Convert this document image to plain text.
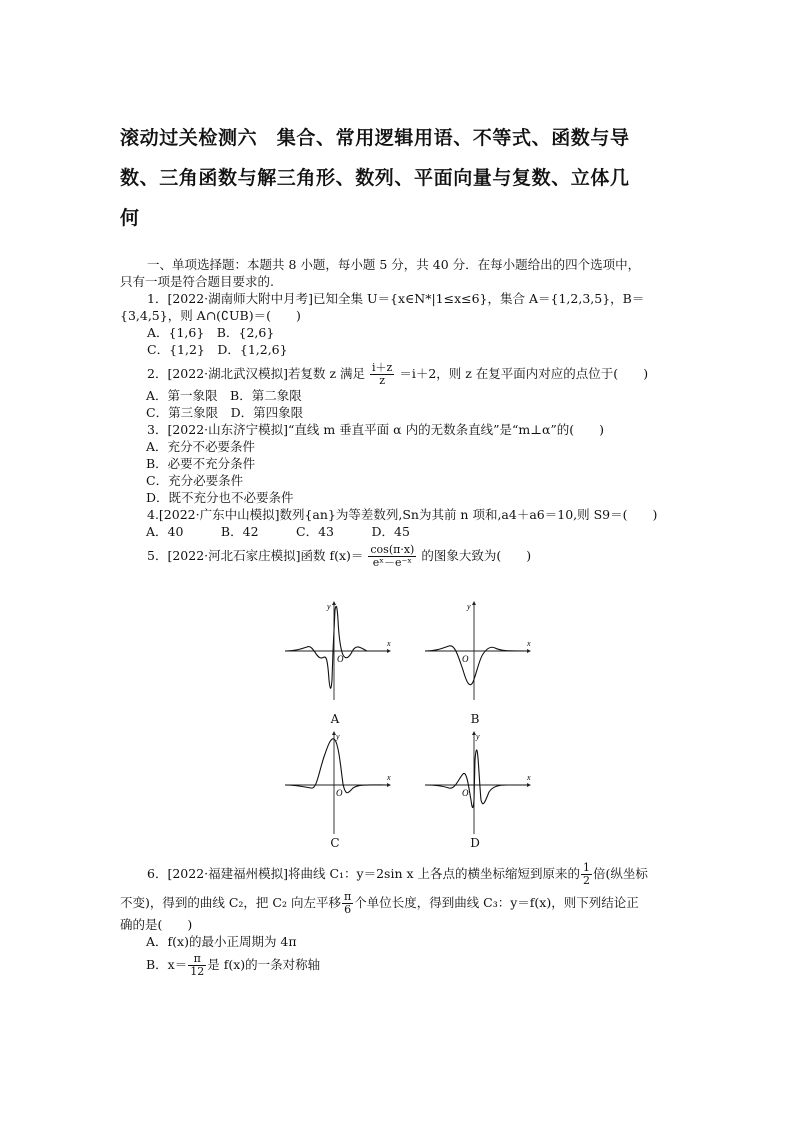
滚动过关检测六　集合、常用逻辑用语、不等式、函数与导
数、三角函数与解三角形、数列、平面向量与复数、立体几
何
一、单项选择题：本题共 8 小题，每小题 5 分，共 40 分．在每小题给出的四个选项中，
只有一项是符合题目要求的.
1．[2022·湖南师大附中月考]已知全集 U＝{x∈N*|1≤x≤6}，集合 A＝{1,2,3,5}，B＝
{3,4,5}，则 A∩(∁UB)＝(　　)
A．{1,6}　B．{2,6}
C．{1,2}　D．{1,2,6}
2．[2022·湖北武汉模拟]若复数 z 满足 $\frac{i+z}{z} =i+2$，则 z 在复平面内对应的点位于(　　)
A．第一象限　B．第二象限
C．第三象限　D．第四象限
3．[2022·山东济宁模拟]“直线 m 垂直平面 α 内的无数条直线”是“m⊥α”的(　　)
A．充分不必要条件
B．必要不充分条件
C．充分必要条件
D．既不充分也不必要条件
4.[2022·广东中山模拟]数列{an}为等差数列,Sn为其前 n 项和,a4＋a6＝10,则 S9＝(　　)
A．40　　　B．42　　　C．43　　　D．45
5．[2022·河北石家庄模拟]函数 $f(x)= \frac{\cos(\pi\cdot x)}{\text{eˣ－e⁻ˣ}}$ 的图象大致为(　　)
x
y
O
A
x
y
O
B
x
y
O
C
x
y
O
D
6．[2022·福建福州模拟]将曲线 C₁：y＝2sin x 上各点的横坐标缩短到原来的 $\frac{1}{2}$ 倍(纵坐标
不变)，得到的曲线 C₂，把 C₂ 向左平移 $\frac{\pi}{6}$ 个单位长度，得到曲线 C₃：y＝f(x)，则下列结论正
确的是(　　)
A．f(x)的最小正周期为 4π
B．$x= \frac{\pi}{12}$ 是 f(x)的一条对称轴
